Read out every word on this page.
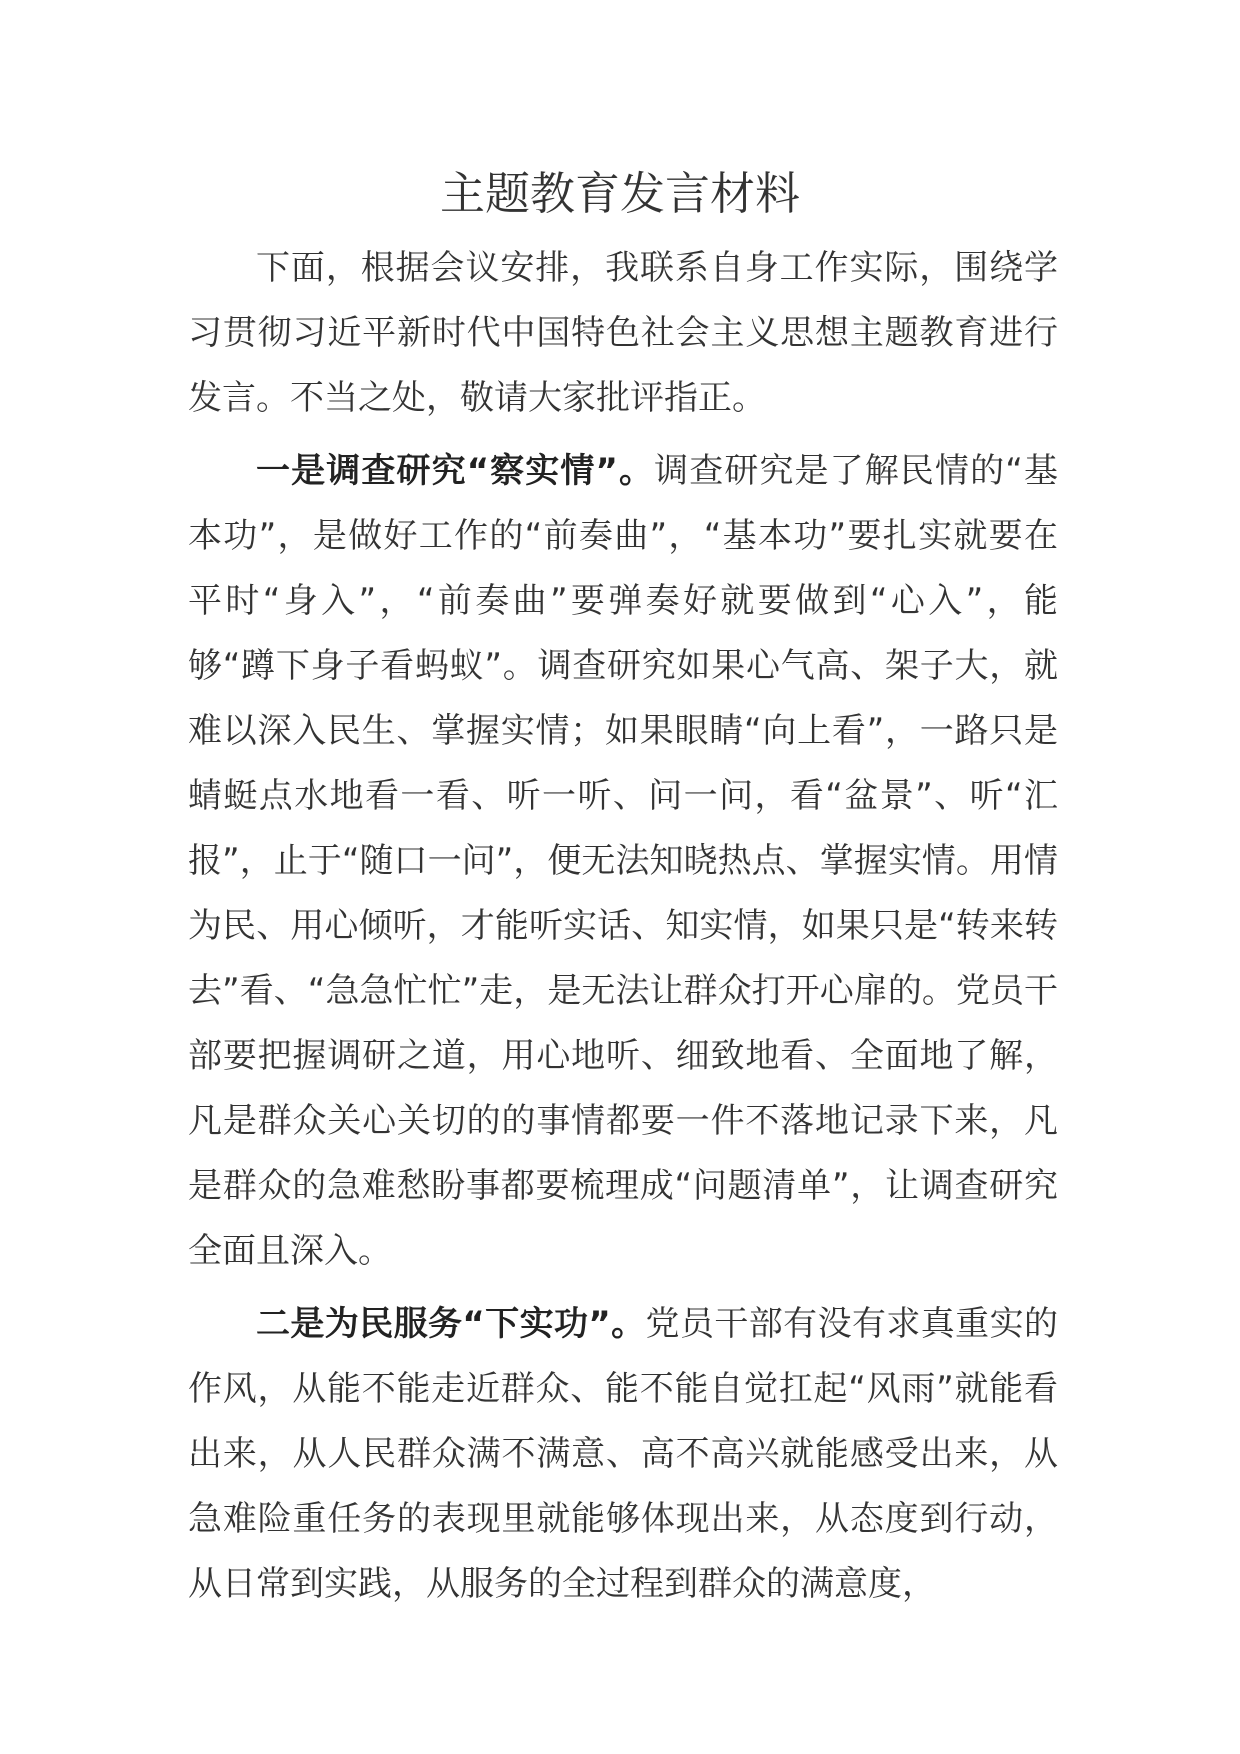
主题教育发言材料

下面，根据会议安排，我联系自身工作实际，围绕学习贯彻习近平新时代中国特色社会主义思想主题教育进行发言。不当之处，敬请大家批评指正。

一是调查研究“察实情”。调查研究是了解民情的“基本功”，是做好工作的“前奏曲”，“基本功”要扎实就要在平时“身入”，“前奏曲”要弹奏好就要做到“心入”，能够“蹲下身子看蚂蚁”。调查研究如果心气高、架子大，就难以深入民生、掌握实情；如果眼睛“向上看”，一路只是蜻蜓点水地看一看、听一听、问一问，看“盆景”、听“汇报”，止于“随口一问”，便无法知晓热点、掌握实情。用情为民、用心倾听，才能听实话、知实情，如果只是“转来转去”看、“急急忙忙”走，是无法让群众打开心扉的。党员干部要把握调研之道，用心地听、细致地看、全面地了解，凡是群众关心关切的的事情都要一件不落地记录下来，凡是群众的急难愁盼事都要梳理成“问题清单”，让调查研究全面且深入。

二是为民服务“下实功”。党员干部有没有求真重实的作风，从能不能走近群众、能不能自觉扛起“风雨”就能看出来，从人民群众满不满意、高不高兴就能感受出来，从急难险重任务的表现里就能够体现出来，从态度到行动，从日常到实践，从服务的全过程到群众的满意度，
